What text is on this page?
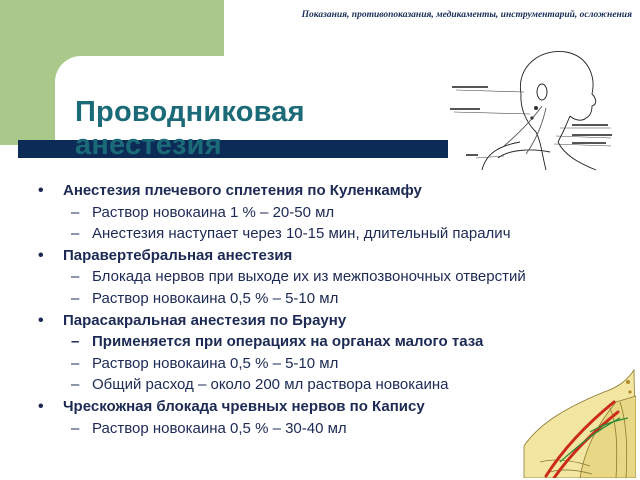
Показания, противопоказания, медикаменты, инструментарий, осложнения
Проводниковая
анестезия
• Анестезия плечевого сплетения по Куленкамфу
– Раствор новокаина 1 % – 20-50 мл
– Анестезия наступает через 10-15 мин, длительный паралич
• Паравертебральная анестезия
– Блокада нервов при выходе их из межпозвоночных отверстий
– Раствор новокаина 0,5 % – 5-10 мл
• Парасакральная анестезия по Брауну
– Применяется при операциях на органах малого таза
– Раствор новокаина 0,5 % – 5-10 мл
– Общий расход – около 200 мл раствора новокаина
• Чрескожная блокада чревных нервов по Капису
– Раствор новокаина 0,5 % – 30-40 мл
